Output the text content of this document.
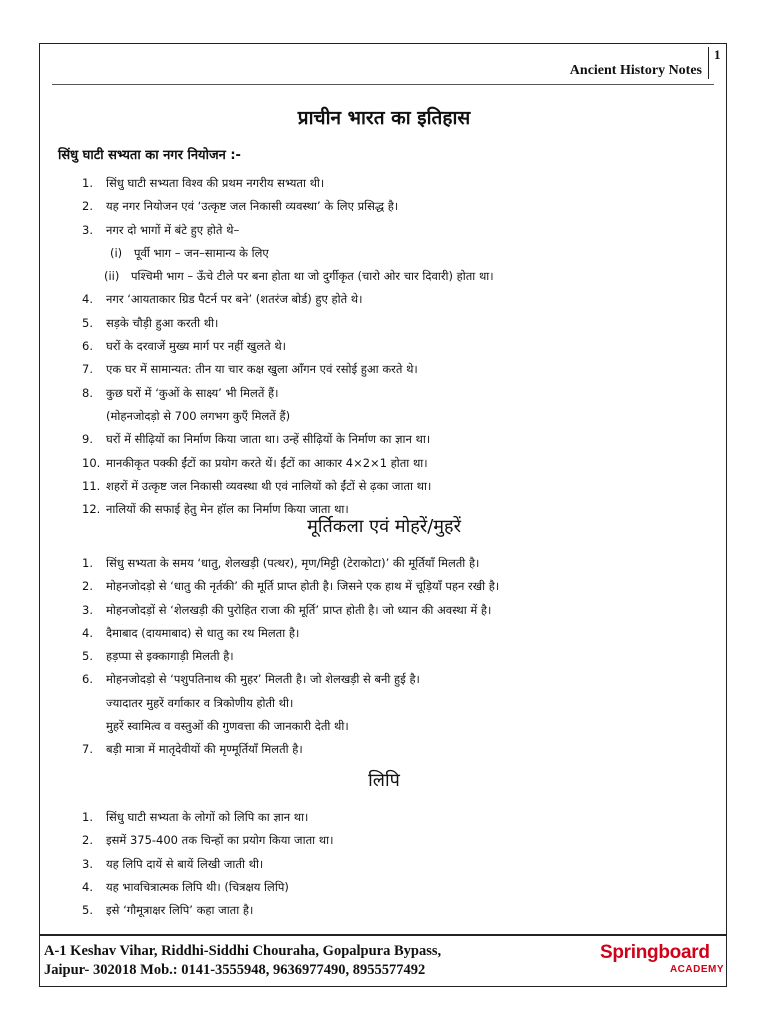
1
Ancient History Notes
प्राचीन भारत का इतिहास
सिंधु घाटी सभ्यता का नगर नियोजन :-
1. सिंधु घाटी सभ्यता विश्व की प्रथम नगरीय सभ्यता थी।
2. यह नगर नियोजन एवं ‘उत्कृष्ट जल निकासी व्यवस्था’ के लिए प्रसिद्ध है।
3. नगर दो भागों में बंटे हुए होते थे–
(i) पूर्वी भाग – जन–सामान्य के लिए
(ii) पश्चिमी भाग – ऊँचे टीले पर बना होता था जो दुर्गीकृत (चारो ओर चार दिवारी) होता था।
4. नगर ‘आयताकार ग्रिड पैटर्न पर बने’ (शतरंज बोर्ड) हुए होते थे।
5. सड़के चौड़ी हुआ करती थी।
6. घरों के दरवाजें मुख्य मार्ग पर नहीं खुलते थे।
7. एक घर में सामान्यत: तीन या चार कक्ष खुला आँगन एवं रसोई हुआ करते थे।
8. कुछ घरों में ‘कुओं के साक्ष्य’ भी मिलतें हैं।
(मोहनजोदड़ो से 700 लगभग कुएँ मिलतें हैं)
9. घरों में सीढ़ियों का निर्माण किया जाता था। उन्हें सीढ़ियों के निर्माण का ज्ञान था।
10. मानकीकृत पक्की ईंटों का प्रयोग करते थें। ईंटों का आकार 4×2×1 होता था।
11. शहरों में उत्कृष्ट जल निकासी व्यवस्था थी एवं नालियों को ईंटों से ढ़का जाता था।
12. नालियों की सफाई हेतु मेन हॉल का निर्माण किया जाता था।
मूर्तिकला एवं मोहरें/मुहरें
1. सिंधु सभ्यता के समय ‘धातु, शेलखड़ी (पत्थर), मृण/मिट्टी (टेराकोटा)’ की मूर्तियाँ मिलती है।
2. मोहनजोदड़ो से ‘धातु की नृर्तकी’ की मूर्ति प्राप्त होती है। जिसने एक हाथ में चूड़ियाँ पहन रखी है।
3. मोहनजोदड़ों से ‘शेलखड़ी की पुरोहित राजा की मूर्ति’ प्राप्त होती है। जो ध्यान की अवस्था में है।
4. दैमाबाद (दायमाबाद) से धातु का रथ मिलता है।
5. हड़प्पा से इक्कागाड़ी मिलती है।
6. मोहनजोदड़ो से ‘पशुपतिनाथ की मुहर’ मिलती है। जो शेलखड़ी से बनी हुई है।
ज्यादातर मुहरें वर्गाकार व त्रिकोणीय होती थी।
मुहरें स्वामित्व व वस्तुओं की गुणवत्ता की जानकारी देती थी।
7. बड़ी मात्रा में मातृदेवीयों की मृण्मूर्तियाँ मिलती है।
लिपि
1. सिंधु घाटी सभ्यता के लोगों को लिपि का ज्ञान था।
2. इसमें 375-400 तक चिन्हों का प्रयोग किया जाता था।
3. यह लिपि दायें से बायें लिखी जाती थी।
4. यह भावचित्रात्मक लिपि थी। (चित्रक्षय लिपि)
5. इसे ‘गौमूत्राक्षर लिपि’ कहा जाता है।
A-1 Keshav Vihar, Riddhi-Siddhi Chouraha, Gopalpura Bypass,
Jaipur- 302018 Mob.: 0141-3555948, 9636977490, 8955577492
Springboard
ACADEMY
